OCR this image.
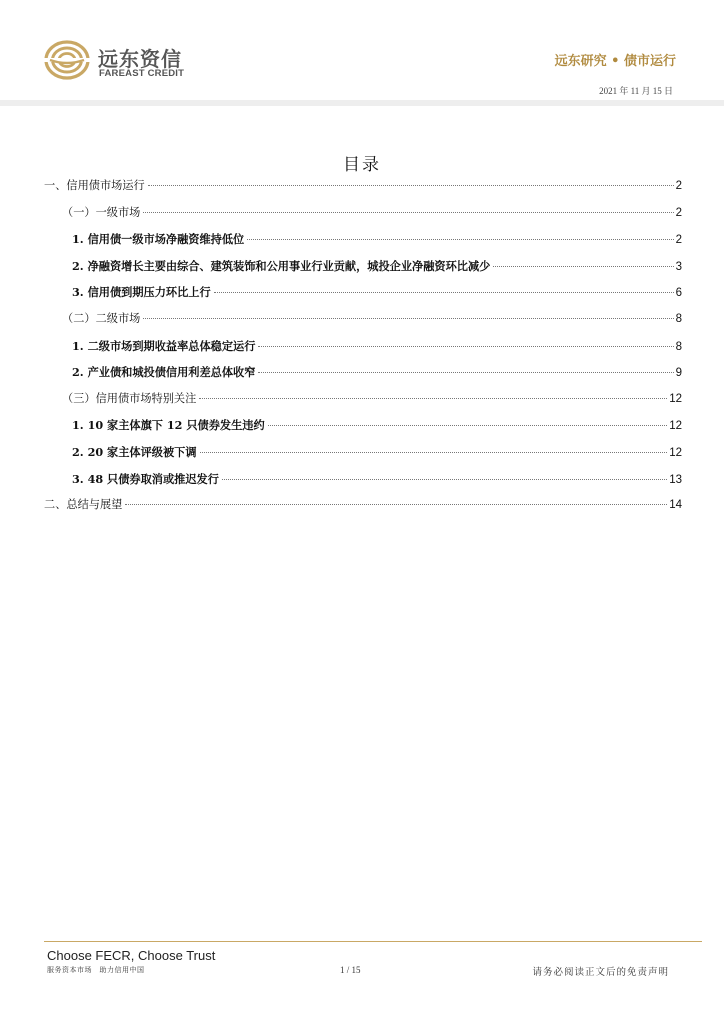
远东资信
FAREAST CREDIT
远东研究 • 债市运行
2021 年 11 月 15 日
目录
一、信用债市场运行	2
（一）一级市场	2
1. 信用债一级市场净融资维持低位	2
2. 净融资增长主要由综合、建筑装饰和公用事业行业贡献，城投企业净融资环比减少	3
3. 信用债到期压力环比上行	6
（二）二级市场	8
1. 二级市场到期收益率总体稳定运行	8
2. 产业债和城投债信用利差总体收窄	9
（三）信用债市场特别关注	12
1. 10 家主体旗下 12 只债券发生违约	12
2. 20 家主体评级被下调	12
3. 48 只债券取消或推迟发行	13
二、总结与展望	14
Choose FECR, Choose Trust
服务资本市场　助力信用中国	1 / 15	请务必阅读正文后的免责声明
